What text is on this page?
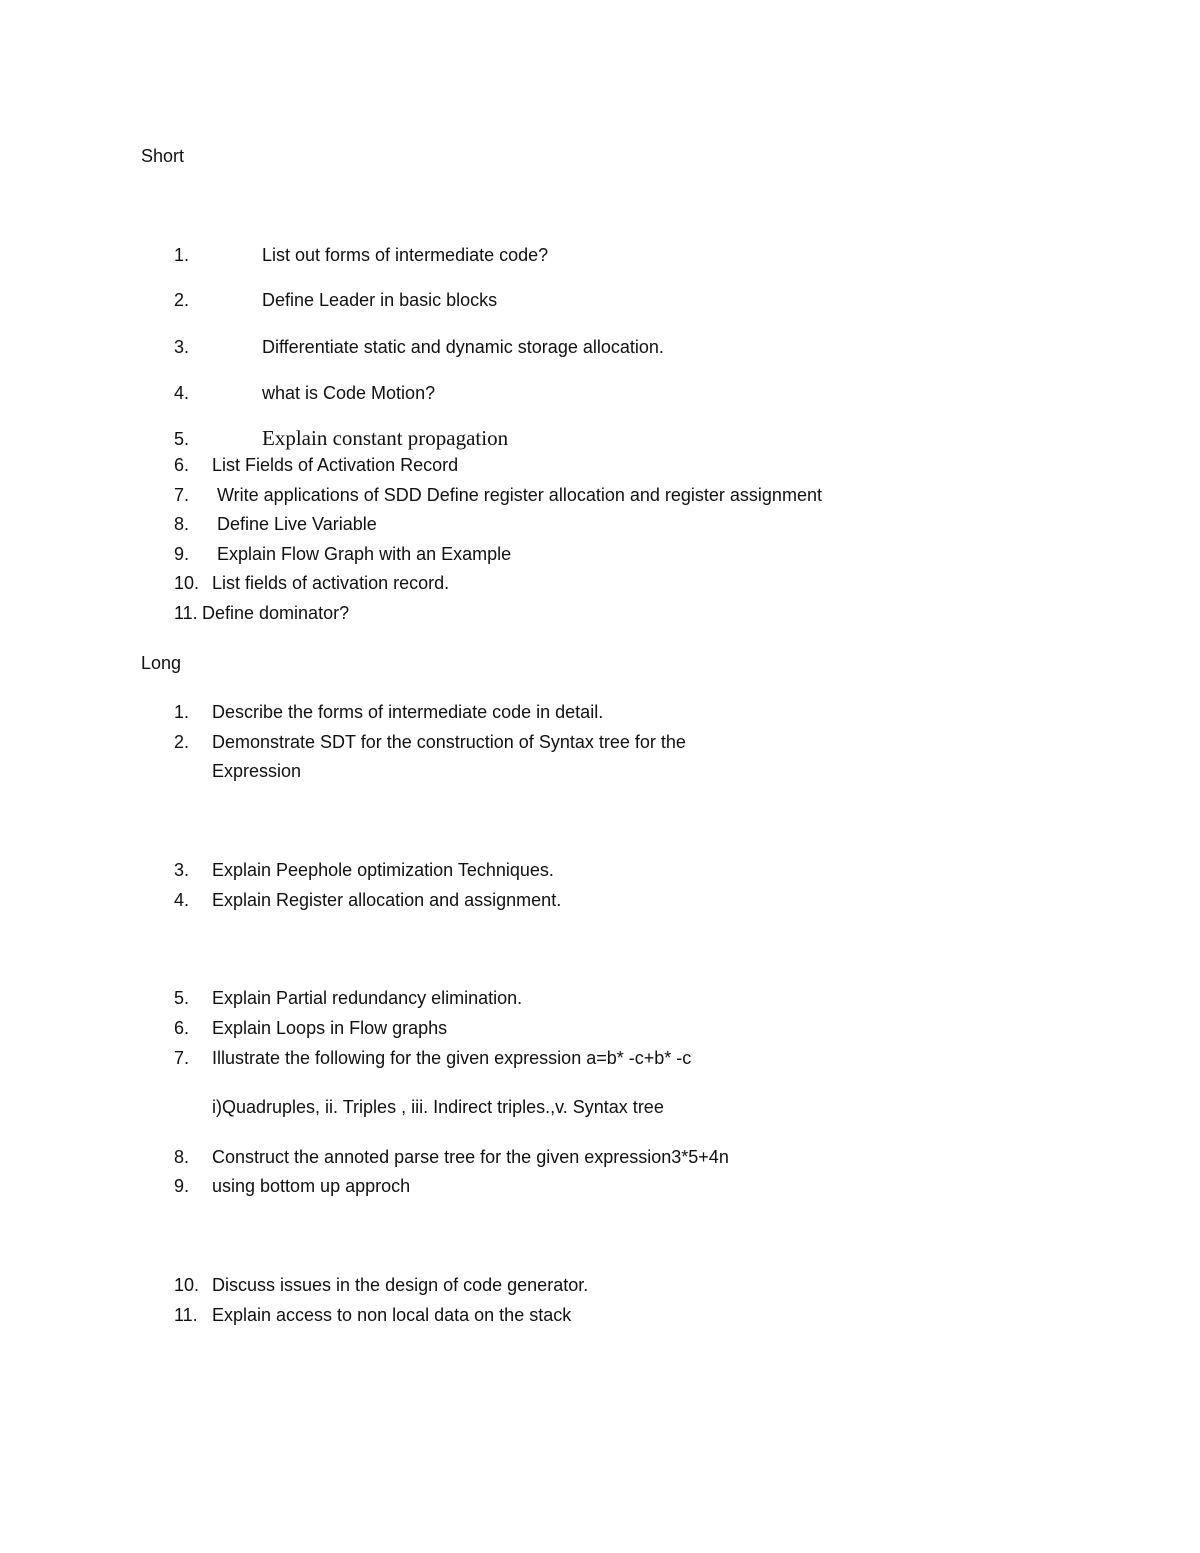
Short
1.	List out forms of intermediate code?
2.	Define Leader in basic blocks
3.	Differentiate static and dynamic storage allocation.
4.	what is Code Motion?
5.	Explain constant propagation
6. List Fields of Activation Record
7. Write applications of SDD Define register allocation and register assignment
8. Define Live Variable
9. Explain Flow Graph with an Example
10. List fields of activation record.
11. Define dominator?
Long
1. Describe the forms of intermediate code in detail.
2. Demonstrate SDT for the construction of Syntax tree for the
Expression
3. Explain Peephole optimization Techniques.
4. Explain Register allocation and assignment.
5. Explain Partial redundancy elimination.
6. Explain Loops in Flow graphs
7. Illustrate the following for the given expression a=b* -c+b* -c
i)Quadruples, ii. Triples , iii. Indirect triples.,v. Syntax tree
8. Construct the annoted parse tree for the given expression3*5+4n
9. using bottom up approch
10. Discuss issues in the design of code generator.
11. Explain access to non local data on the stack
